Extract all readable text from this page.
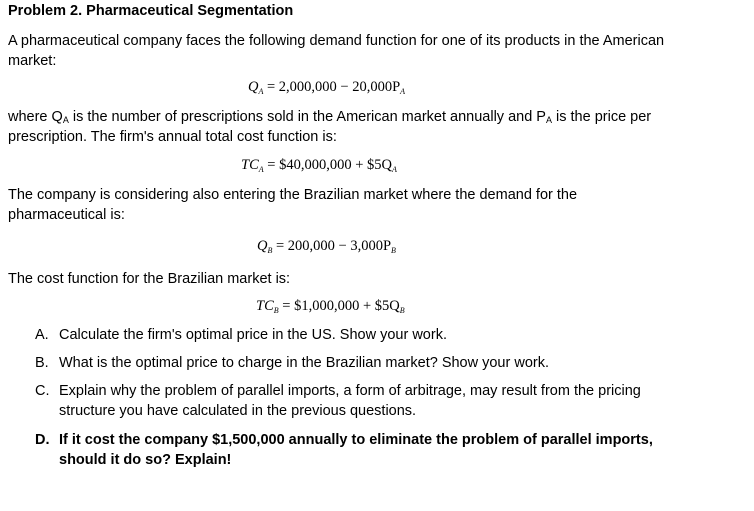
Problem 2. Pharmaceutical Segmentation

A pharmaceutical company faces the following demand function for one of its products in the American market:

$Q_A = 2,000,000 - 20,000P_A$

where QA is the number of prescriptions sold in the American market annually and PA is the price per prescription. The firm's annual total cost function is:

$TC_A$ = $40,000,000 + $\$5Q_A$

The company is considering also entering the Brazilian market where the demand for the pharmaceutical is:

$Q_B = 200,000 - 3,000P_B$

The cost function for the Brazilian market is:

$TC_B$ = $1,000,000 + $\$5Q_B$

A. Calculate the firm's optimal price in the US. Show your work.
B. What is the optimal price to charge in the Brazilian market? Show your work.
C. Explain why the problem of parallel imports, a form of arbitrage, may result from the pricing structure you have calculated in the previous questions.
D. If it cost the company $1,500,000 annually to eliminate the problem of parallel imports, should it do so? Explain!
